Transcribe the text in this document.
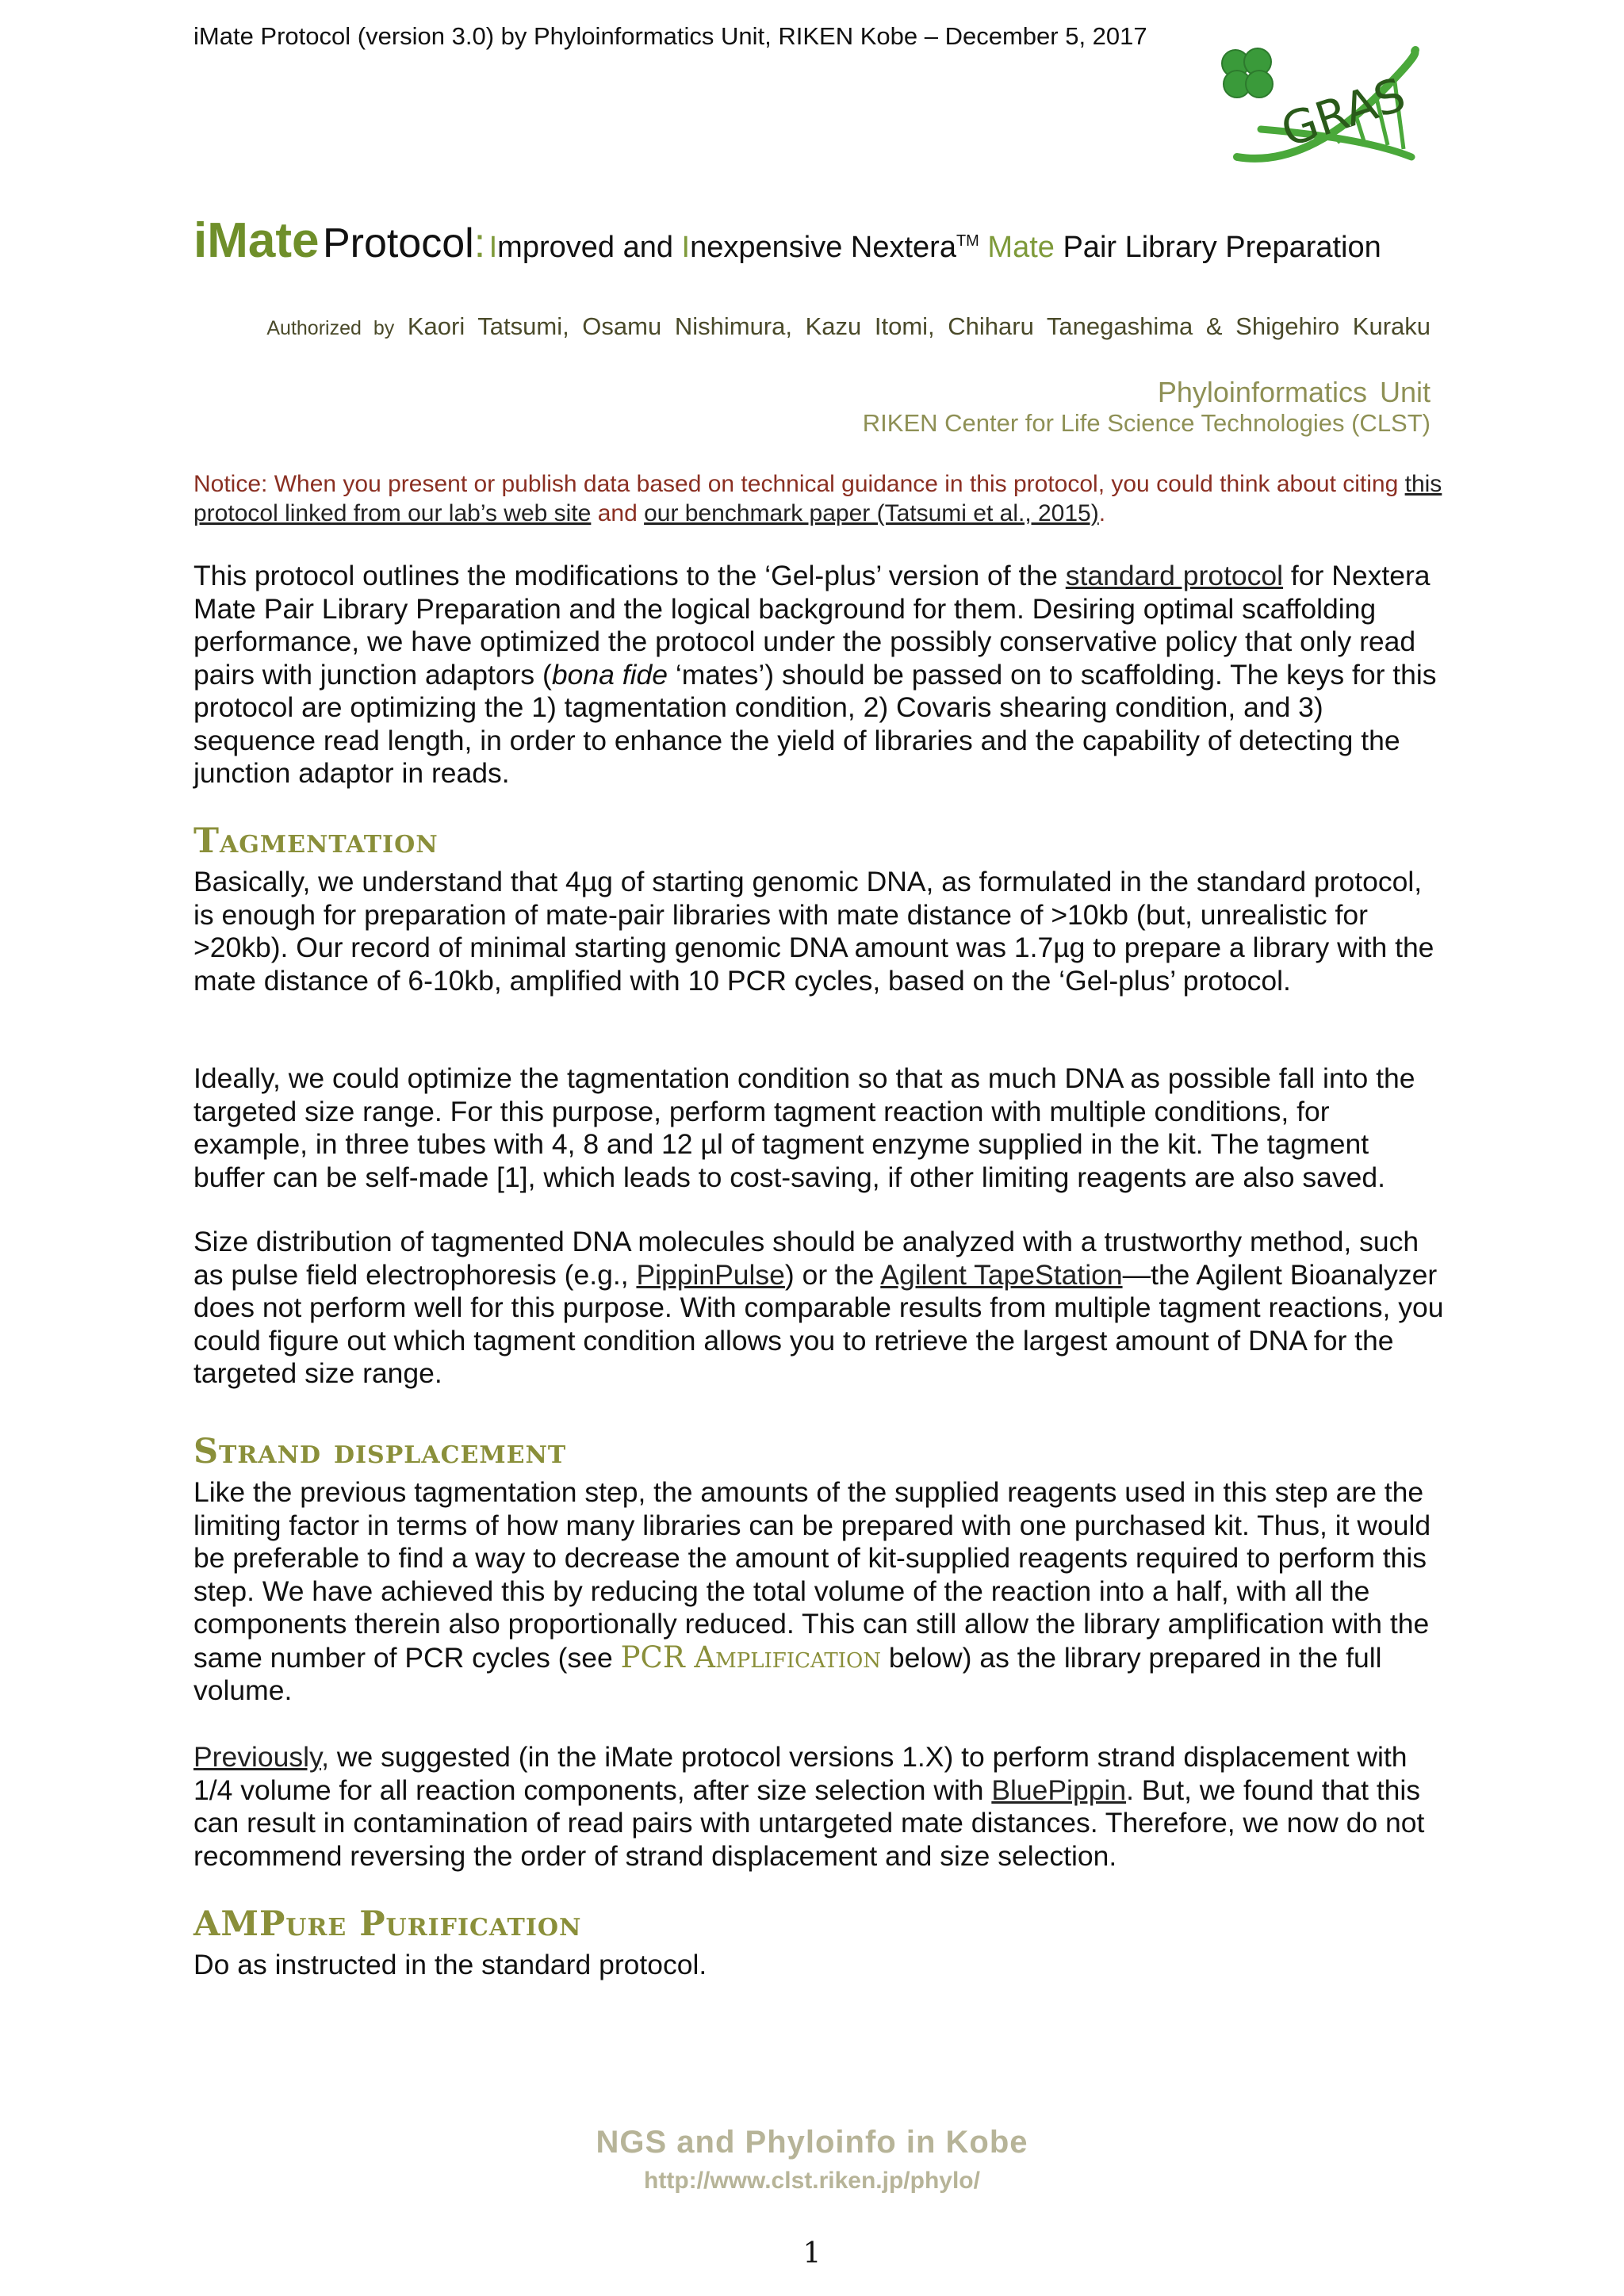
iMate Protocol (version 3.0) by Phyloinformatics Unit, RIKEN Kobe – December 5, 2017
GRAS
iMate Protocol: Improved and Inexpensive Nextera™ Mate Pair Library Preparation
Authorized by Kaori Tatsumi, Osamu Nishimura, Kazu Itomi, Chiharu Tanegashima & Shigehiro Kuraku
Phyloinformatics Unit
RIKEN Center for Life Science Technologies (CLST)
Notice: When you present or publish data based on technical guidance in this protocol, you could think about citing this protocol linked from our lab’s web site and our benchmark paper (Tatsumi et al., 2015).

This protocol outlines the modifications to the ‘Gel-plus’ version of the standard protocol for Nextera Mate Pair Library Preparation and the logical background for them. Desiring optimal scaffolding performance, we have optimized the protocol under the possibly conservative policy that only read pairs with junction adaptors (bona fide ‘mates’) should be passed on to scaffolding. The keys for this protocol are optimizing the 1) tagmentation condition, 2) Covaris shearing condition, and 3) sequence read length, in order to enhance the yield of libraries and the capability of detecting the junction adaptor in reads.

Tagmentation

Basically, we understand that 4µg of starting genomic DNA, as formulated in the standard protocol, is enough for preparation of mate-pair libraries with mate distance of >10kb (but, unrealistic for >20kb). Our record of minimal starting genomic DNA amount was 1.7µg to prepare a library with the mate distance of 6-10kb, amplified with 10 PCR cycles, based on the ‘Gel-plus’ protocol.

Ideally, we could optimize the tagmentation condition so that as much DNA as possible fall into the targeted size range. For this purpose, perform tagment reaction with multiple conditions, for example, in three tubes with 4, 8 and 12 µl of tagment enzyme supplied in the kit. The tagment buffer can be self-made [1], which leads to cost-saving, if other limiting reagents are also saved.

Size distribution of tagmented DNA molecules should be analyzed with a trustworthy method, such as pulse field electrophoresis (e.g., PippinPulse) or the Agilent TapeStation—the Agilent Bioanalyzer does not perform well for this purpose. With comparable results from multiple tagment reactions, you could figure out which tagment condition allows you to retrieve the largest amount of DNA for the targeted size range.

Strand displacement

Like the previous tagmentation step, the amounts of the supplied reagents used in this step are the limiting factor in terms of how many libraries can be prepared with one purchased kit. Thus, it would be preferable to find a way to decrease the amount of kit-supplied reagents required to perform this step. We have achieved this by reducing the total volume of the reaction into a half, with all the components therein also proportionally reduced. This can still allow the library amplification with the same number of PCR cycles (see PCR Amplification below) as the library prepared in the full volume.

Previously, we suggested (in the iMate protocol versions 1.X) to perform strand displacement with 1/4 volume for all reaction components, after size selection with BluePippin. But, we found that this can result in contamination of read pairs with untargeted mate distances. Therefore, we now do not recommend reversing the order of strand displacement and size selection.

AMPure Purification

Do as instructed in the standard protocol.

NGS and Phyloinfo in Kobe
http://www.clst.riken.jp/phylo/
1
